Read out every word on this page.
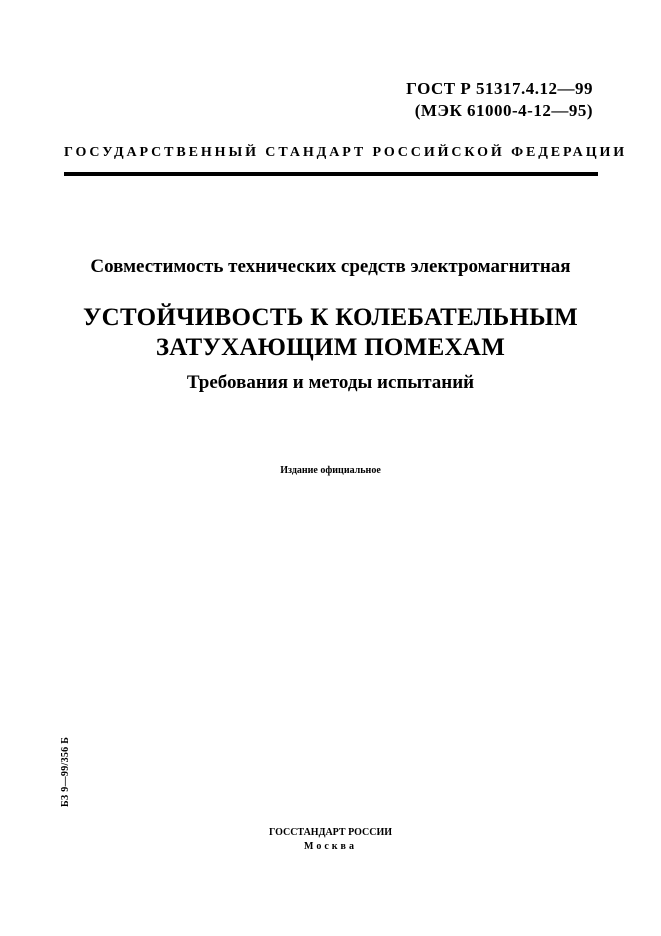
ГОСТ Р 51317.4.12—99
(МЭК 61000-4-12—95)
ГОСУДАРСТВЕННЫЙ СТАНДАРТ РОССИЙСКОЙ ФЕДЕРАЦИИ
Совместимость технических средств электромагнитная
УСТОЙЧИВОСТЬ К КОЛЕБАТЕЛЬНЫМ
ЗАТУХАЮЩИМ ПОМЕХАМ
Требования и методы испытаний
Издание официальное
БЗ 9—99/356 Б
ГОССТАНДАРТ РОССИИ
Москва
